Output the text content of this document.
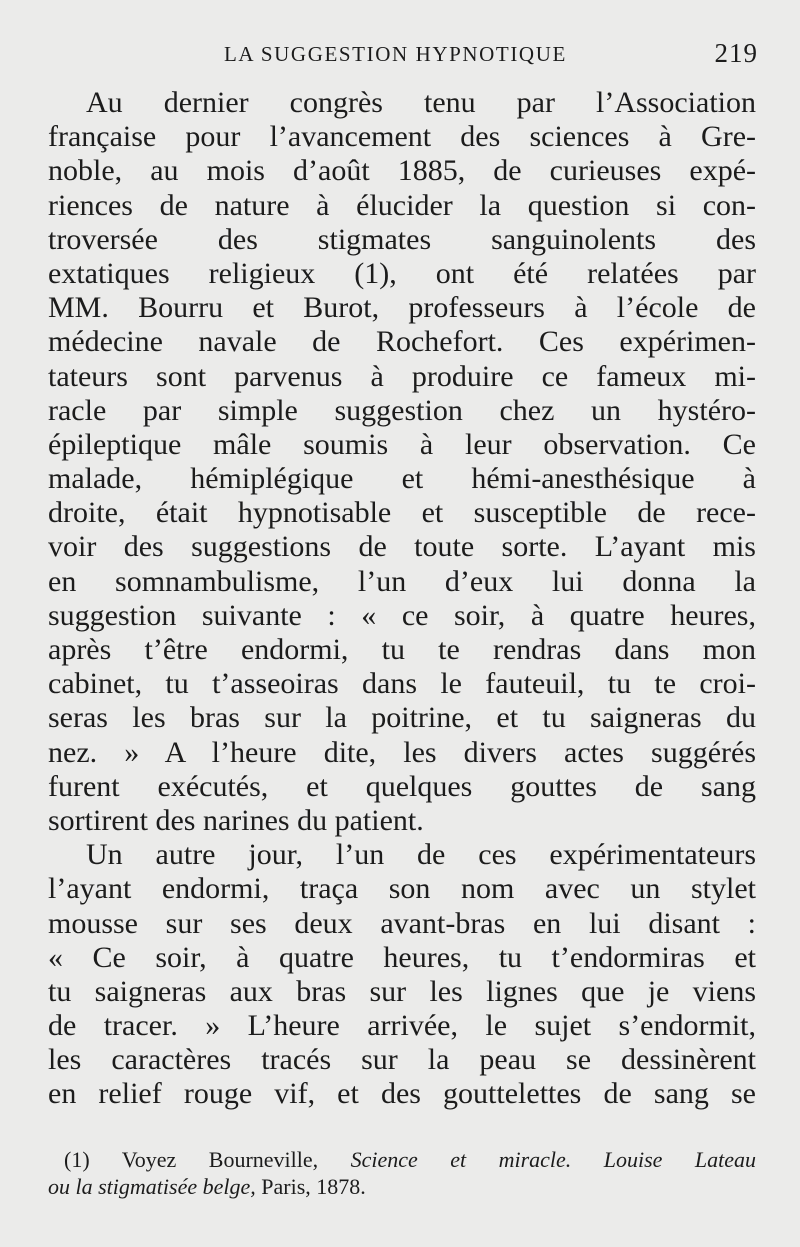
LA SUGGESTION HYPNOTIQUE	219
Au dernier congrès tenu par l’Association
française pour l’avancement des sciences à Gre-
noble, au mois d’août 1885, de curieuses expé-
riences de nature à élucider la question si con-
troversée des stigmates sanguinolents des
extatiques religieux (1), ont été relatées par
MM. Bourru et Burot, professeurs à l’école de
médecine navale de Rochefort. Ces expérimen-
tateurs sont parvenus à produire ce fameux mi-
racle par simple suggestion chez un hystéro-
épileptique mâle soumis à leur observation. Ce
malade, hémiplégique et hémi-anesthésique à
droite, était hypnotisable et susceptible de rece-
voir des suggestions de toute sorte. L’ayant mis
en somnambulisme, l’un d’eux lui donna la
suggestion suivante : « ce soir, à quatre heures,
après t’être endormi, tu te rendras dans mon
cabinet, tu t’asseoiras dans le fauteuil, tu te croi-
seras les bras sur la poitrine, et tu saigneras du
nez. » A l’heure dite, les divers actes suggérés
furent exécutés, et quelques gouttes de sang
sortirent des narines du patient.
Un autre jour, l’un de ces expérimentateurs
l’ayant endormi, traça son nom avec un stylet
mousse sur ses deux avant-bras en lui disant :
« Ce soir, à quatre heures, tu t’endormiras et
tu saigneras aux bras sur les lignes que je viens
de tracer. » L’heure arrivée, le sujet s’endormit,
les caractères tracés sur la peau se dessinèrent
en relief rouge vif, et des gouttelettes de sang se
(1) Voyez Bourneville, Science et miracle. Louise Lateau
ou la stigmatisée belge, Paris, 1878.
